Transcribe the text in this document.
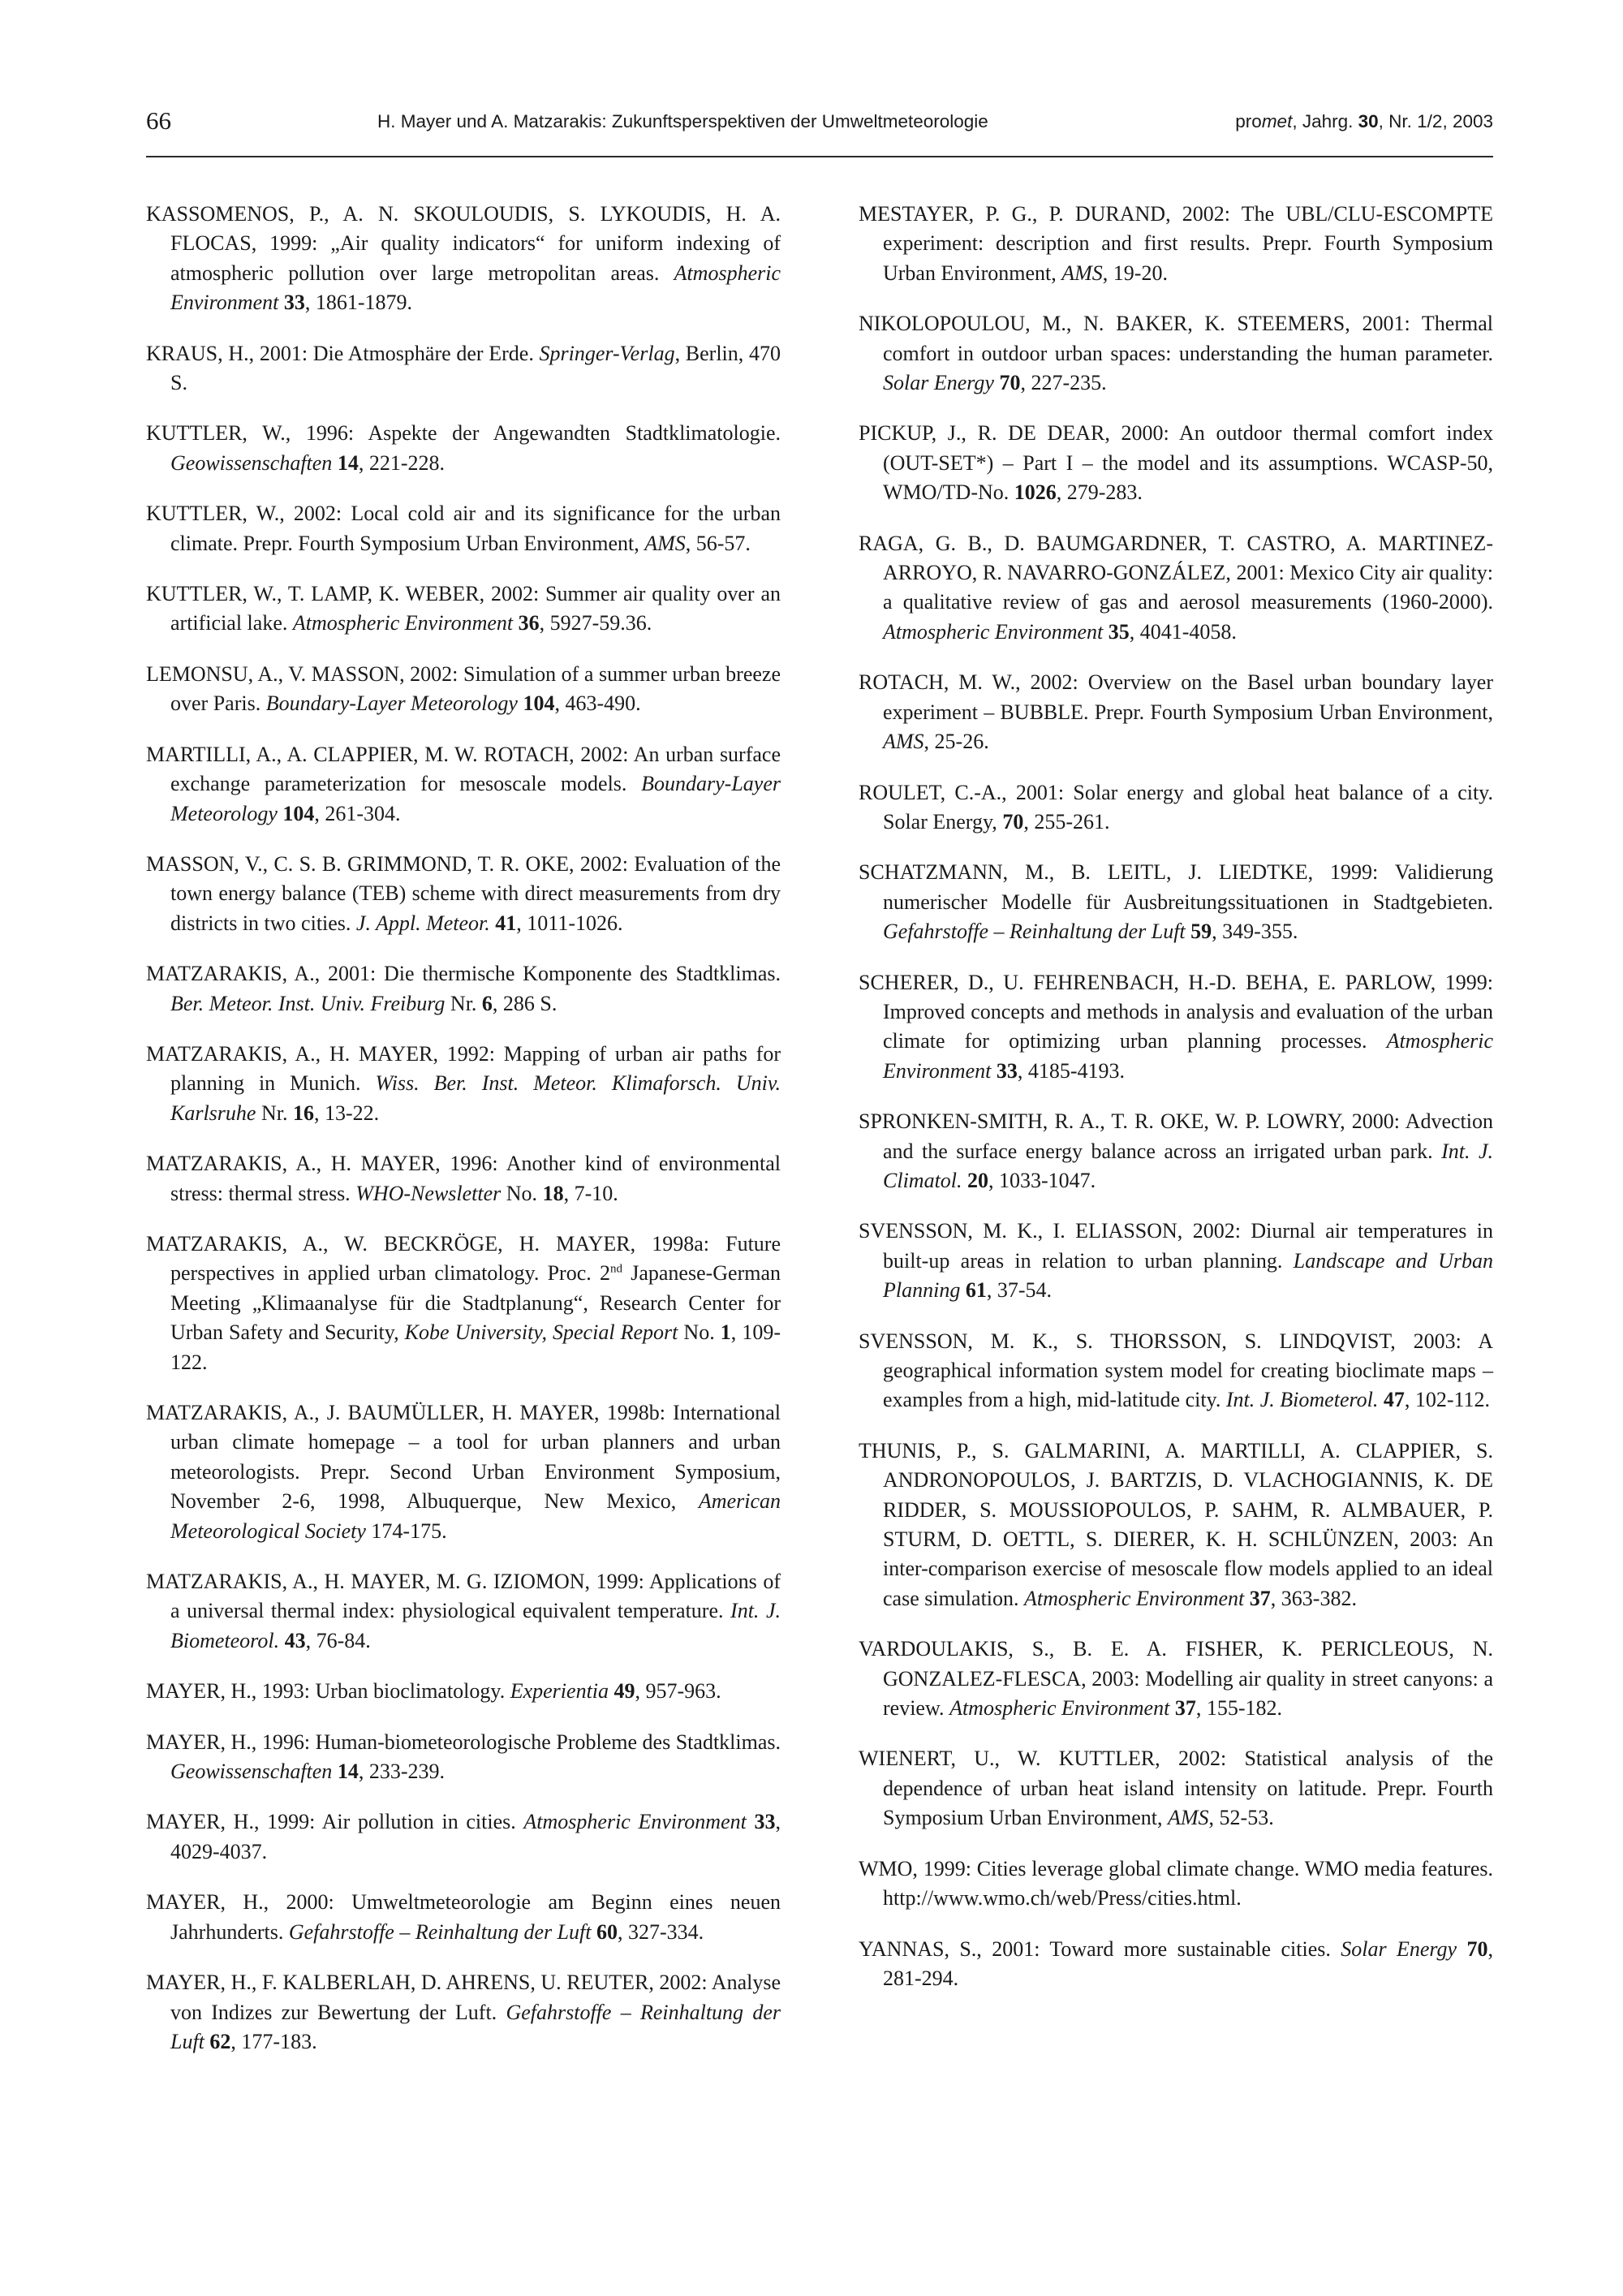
66	H. Mayer und A. Matzarakis: Zukunftsperspektiven der Umweltmeteorologie	promet, Jahrg. 30, Nr. 1/2, 2003

KASSOMENOS, P., A. N. SKOULOUDIS, S. LYKOUDIS, H. A. FLOCAS, 1999: „Air quality indicators“ for uniform indexing of atmospheric pollution over large metropolitan areas. Atmospheric Environment 33, 1861-1879.

KRAUS, H., 2001: Die Atmosphäre der Erde. Springer-Verlag, Berlin, 470 S.

KUTTLER, W., 1996: Aspekte der Angewandten Stadtklimatologie. Geowissenschaften 14, 221-228.

KUTTLER, W., 2002: Local cold air and its significance for the urban climate. Prepr. Fourth Symposium Urban Environment, AMS, 56-57.

KUTTLER, W., T. LAMP, K. WEBER, 2002: Summer air quality over an artificial lake. Atmospheric Environment 36, 5927-59.36.

LEMONSU, A., V. MASSON, 2002: Simulation of a summer urban breeze over Paris. Boundary-Layer Meteorology 104, 463-490.

MARTILLI, A., A. CLAPPIER, M. W. ROTACH, 2002: An urban surface exchange parameterization for mesoscale models. Boundary-Layer Meteorology 104, 261-304.

MASSON, V., C. S. B. GRIMMOND, T. R. OKE, 2002: Evaluation of the town energy balance (TEB) scheme with direct measurements from dry districts in two cities. J. Appl. Meteor. 41, 1011-1026.

MATZARAKIS, A., 2001: Die thermische Komponente des Stadtklimas. Ber. Meteor. Inst. Univ. Freiburg Nr. 6, 286 S.

MATZARAKIS, A., H. MAYER, 1992: Mapping of urban air paths for planning in Munich. Wiss. Ber. Inst. Meteor. Klimaforsch. Univ. Karlsruhe Nr. 16, 13-22.

MATZARAKIS, A., H. MAYER, 1996: Another kind of environmental stress: thermal stress. WHO-Newsletter No. 18, 7-10.

MATZARAKIS, A., W. BECKRÖGE, H. MAYER, 1998a: Future perspectives in applied urban climatology. Proc. 2nd Japanese-German Meeting „Klimaanalyse für die Stadtplanung“, Research Center for Urban Safety and Security, Kobe University, Special Report No. 1, 109-122.

MATZARAKIS, A., J. BAUMÜLLER, H. MAYER, 1998b: International urban climate homepage – a tool for urban planners and urban meteorologists. Prepr. Second Urban Environment Symposium, November 2-6, 1998, Albuquerque, New Mexico, American Meteorological Society 174-175.

MATZARAKIS, A., H. MAYER, M. G. IZIOMON, 1999: Applications of a universal thermal index: physiological equivalent temperature. Int. J. Biometeorol. 43, 76-84.

MAYER, H., 1993: Urban bioclimatology. Experientia 49, 957-963.

MAYER, H., 1996: Human-biometeorologische Probleme des Stadtklimas. Geowissenschaften 14, 233-239.

MAYER, H., 1999: Air pollution in cities. Atmospheric Environment 33, 4029-4037.

MAYER, H., 2000: Umweltmeteorologie am Beginn eines neuen Jahrhunderts. Gefahrstoffe – Reinhaltung der Luft 60, 327-334.

MAYER, H., F. KALBERLAH, D. AHRENS, U. REUTER, 2002: Analyse von Indizes zur Bewertung der Luft. Gefahrstoffe – Reinhaltung der Luft 62, 177-183.

MESTAYER, P. G., P. DURAND, 2002: The UBL/CLU-ESCOMPTE experiment: description and first results. Prepr. Fourth Symposium Urban Environment, AMS, 19-20.

NIKOLOPOULOU, M., N. BAKER, K. STEEMERS, 2001: Thermal comfort in outdoor urban spaces: understanding the human parameter. Solar Energy 70, 227-235.

PICKUP, J., R. DE DEAR, 2000: An outdoor thermal comfort index (OUT-SET*) – Part I – the model and its assumptions. WCASP-50, WMO/TD-No. 1026, 279-283.

RAGA, G. B., D. BAUMGARDNER, T. CASTRO, A. MARTINEZ-ARROYO, R. NAVARRO-GONZÁLEZ, 2001: Mexico City air quality: a qualitative review of gas and aerosol measurements (1960-2000). Atmospheric Environment 35, 4041-4058.

ROTACH, M. W., 2002: Overview on the Basel urban boundary layer experiment – BUBBLE. Prepr. Fourth Symposium Urban Environment, AMS, 25-26.

ROULET, C.-A., 2001: Solar energy and global heat balance of a city. Solar Energy, 70, 255-261.

SCHATZMANN, M., B. LEITL, J. LIEDTKE, 1999: Validierung numerischer Modelle für Ausbreitungssituationen in Stadtgebieten. Gefahrstoffe – Reinhaltung der Luft 59, 349-355.

SCHERER, D., U. FEHRENBACH, H.-D. BEHA, E. PARLOW, 1999: Improved concepts and methods in analysis and evaluation of the urban climate for optimizing urban planning processes. Atmospheric Environment 33, 4185-4193.

SPRONKEN-SMITH, R. A., T. R. OKE, W. P. LOWRY, 2000: Advection and the surface energy balance across an irrigated urban park. Int. J. Climatol. 20, 1033-1047.

SVENSSON, M. K., I. ELIASSON, 2002: Diurnal air temperatures in built-up areas in relation to urban planning. Landscape and Urban Planning 61, 37-54.

SVENSSON, M. K., S. THORSSON, S. LINDQVIST, 2003: A geographical information system model for creating bioclimate maps – examples from a high, mid-latitude city. Int. J. Biometerol. 47, 102-112.

THUNIS, P., S. GALMARINI, A. MARTILLI, A. CLAPPIER, S. ANDRONOPOULOS, J. BARTZIS, D. VLACHOGIANNIS, K. DE RIDDER, S. MOUSSIOPOULOS, P. SAHM, R. ALMBAUER, P. STURM, D. OETTL, S. DIERER, K. H. SCHLÜNZEN, 2003: An inter-comparison exercise of mesoscale flow models applied to an ideal case simulation. Atmospheric Environment 37, 363-382.

VARDOULAKIS, S., B. E. A. FISHER, K. PERICLEOUS, N. GONZALEZ-FLESCA, 2003: Modelling air quality in street canyons: a review. Atmospheric Environment 37, 155-182.

WIENERT, U., W. KUTTLER, 2002: Statistical analysis of the dependence of urban heat island intensity on latitude. Prepr. Fourth Symposium Urban Environment, AMS, 52-53.

WMO, 1999: Cities leverage global climate change. WMO media features. http://www.wmo.ch/web/Press/cities.html.

YANNAS, S., 2001: Toward more sustainable cities. Solar Energy 70, 281-294.
